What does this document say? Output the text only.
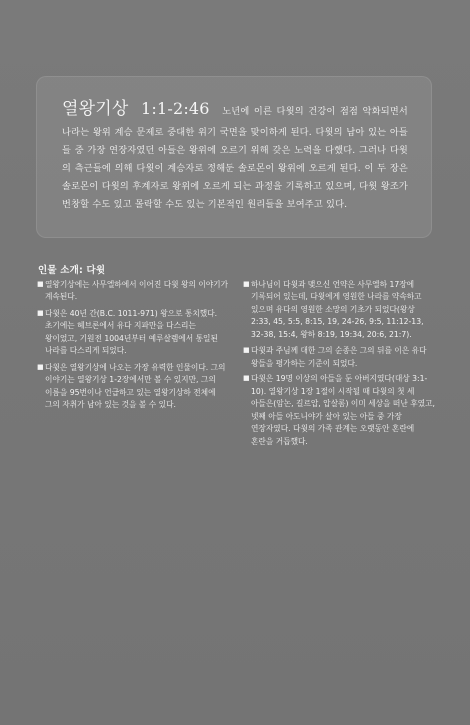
열왕기상 1:1-2:46 노년에 이른 다윗의 건강이 점점 악화되면서 나라는 왕위 계승 문제로 중대한 위기 국면을 맞이하게 된다. 다윗의 남아 있는 아들들 중 가장 연장자였던 아들은 왕위에 오르기 위해 갖은 노력을 다했다. 그러나 다윗의 측근들에 의해 다윗이 계승자로 정해둔 솔로몬이 왕위에 오르게 된다. 이 두 장은 솔로몬이 다윗의 후계자로 왕위에 오르게 되는 과정을 기록하고 있으며, 다윗 왕조가 번창할 수도 있고 몰락할 수도 있는 기본적인 원리들을 보여주고 있다.
인물 소개: 다윗
■ 열왕기상에는 사무엘하에서 이어진 다윗 왕의 이야기가 계속된다.
■ 다윗은 40년 간(B.C. 1011-971) 왕으로 통치했다. 초기에는 헤브론에서 유다 지파만을 다스리는 왕이었고, 기원전 1004년부터 예루살렘에서 통일된 나라를 다스리게 되었다.
■ 다윗은 열왕기상에 나오는 가장 유력한 인물이다. 그의 이야기는 열왕기상 1-2장에서만 볼 수 있지만, 그의 이름을 95번이나 언급하고 있는 열왕기상하 전체에 그의 자취가 남아 있는 것을 볼 수 있다.
■ 하나님이 다윗과 맺으신 언약은 사무엘하 17장에 기록되어 있는데, 다윗에게 영원한 나라를 약속하고 있으며 유다의 영원한 소망의 기초가 되었다(왕상 2:33, 45, 5:5, 8:15, 19, 24-26, 9:5, 11:12-13, 32-38, 15:4, 왕하 8:19, 19:34, 20:6, 21:7).
■ 다윗과 주님께 대한 그의 순종은 그의 뒤를 이은 유다 왕들을 평가하는 기준이 되었다.
■ 다윗은 19명 이상의 아들을 둔 아버지였다(대상 3:1-10). 열왕기상 1장 1절이 시작될 때 다윗의 첫 세 아들은(암논, 길르압, 압살롬) 이미 세상을 떠난 후였고, 넷째 아들 아도니야가 살아 있는 아들 중 가장 연장자였다. 다윗의 가족 관계는 오랫동안 혼란에 혼란을 거듭했다.
